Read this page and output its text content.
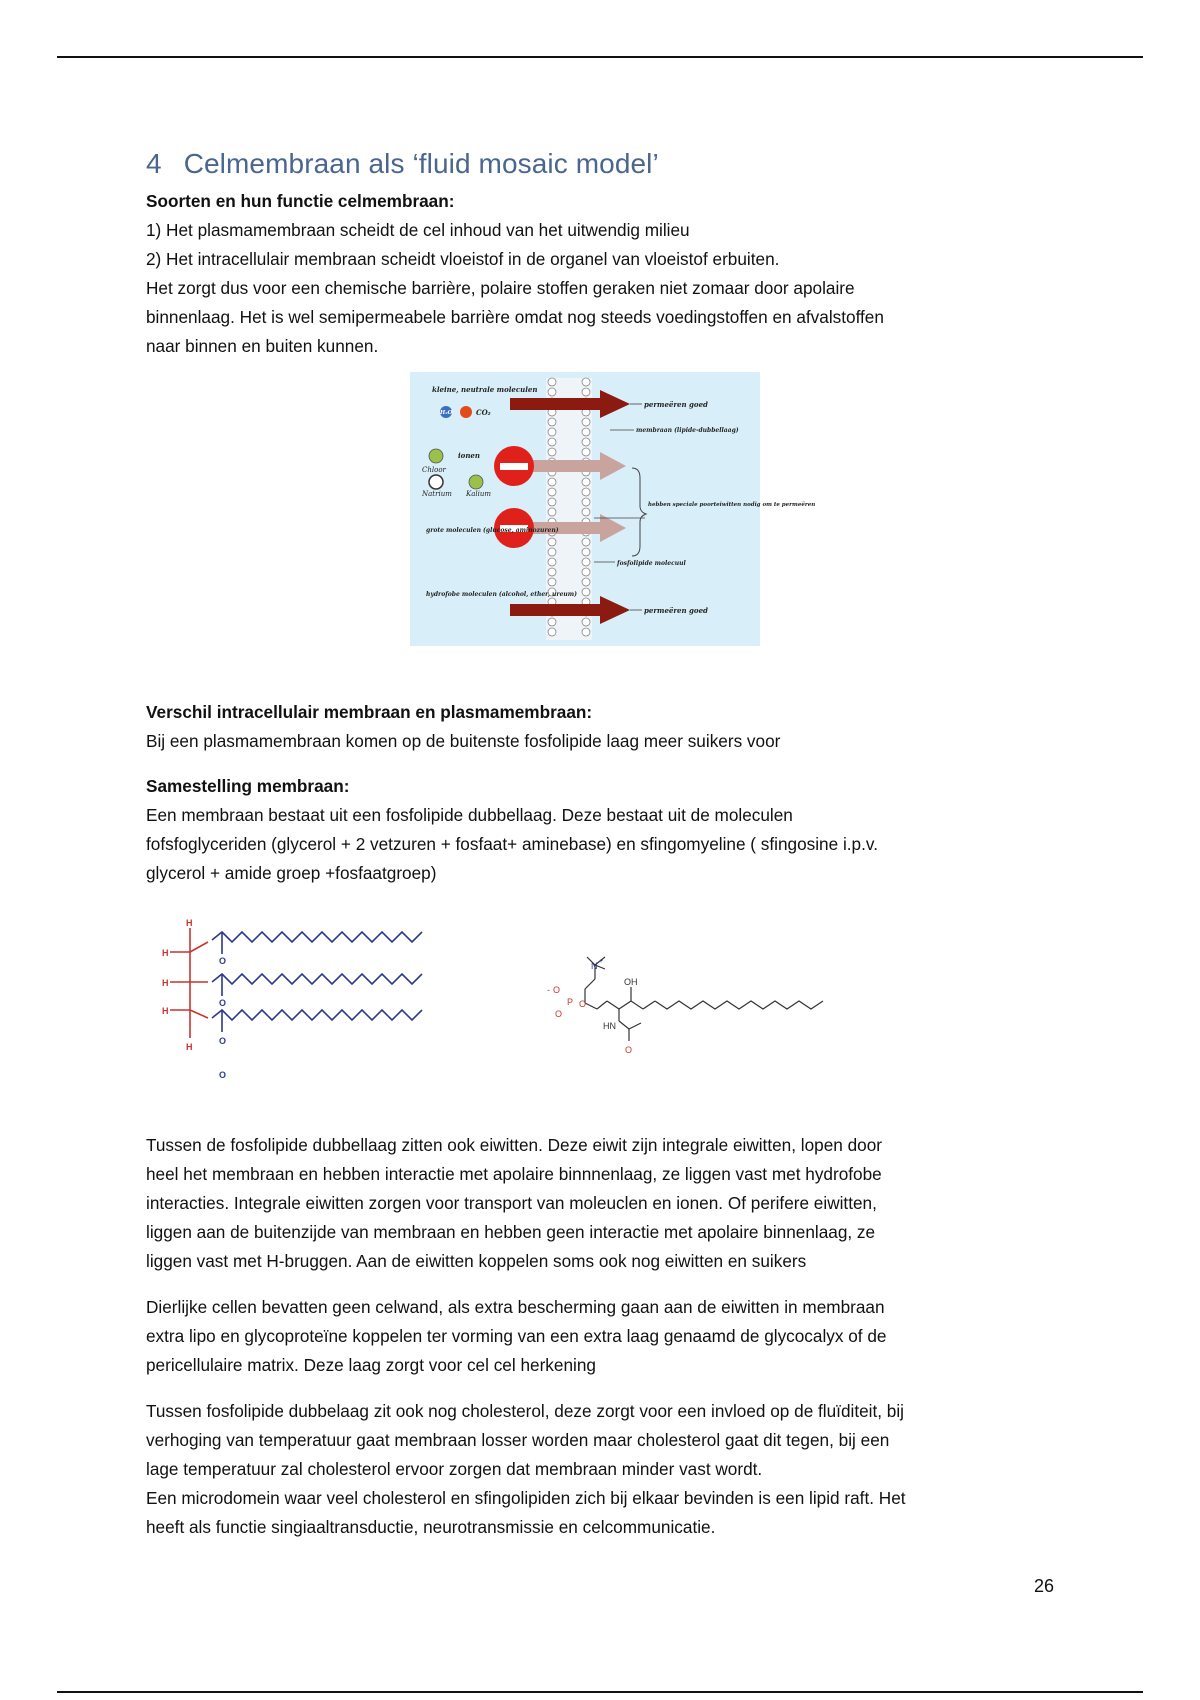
4 Celmembraan als ‘fluid mosaic model’

Soorten en hun functie celmembraan:

1) Het plasmamembraan scheidt de cel inhoud van het uitwendig milieu

2) Het intracellulair membraan scheidt vloeistof in de organel van vloeistof erbuiten.

Het zorgt dus voor een chemische barrière, polaire stoffen geraken niet zomaar door apolaire

binnenlaag. Het is wel semipermeabele barrière omdat nog steeds voedingstoffen en afvalstoffen

naar binnen en buiten kunnen.

kleine, neutrale moleculen
H₂O	CO₂
ionen
Chloor
Natrium Kalium
grote moleculen (glucose, aminozuren)
hydrofobe moleculen (alcohol, ether, ureum)
permeëren goed
membraan (lipide-dubbellaag)
hebben speciale poorteiwitten nodig om te permeëren
fosfolipide molecuul
permeëren goed

Verschil intracellulair membraan en plasmamembraan:

Bij een plasmamembraan komen op de buitenste fosfolipide laag meer suikers voor

Samestelling membraan:

Een membraan bestaat uit een fosfolipide dubbellaag. Deze bestaat uit de moleculen

fofsfoglyceriden (glycerol + 2 vetzuren + fosfaat+ aminebase) en sfingomyeline ( sfingosine i.p.v.

glycerol + amide groep +fosfaatgroep)

H
H
H
H
H
O
O
O
O
OH
HN
N +
O
-
P
O
O
O

Tussen de fosfolipide dubbellaag zitten ook eiwitten. Deze eiwit zijn integrale eiwitten, lopen door

heel het membraan en hebben interactie met apolaire binnnenlaag, ze liggen vast met hydrofobe

interacties. Integrale eiwitten zorgen voor transport van moleuclen en ionen. Of perifere eiwitten,

liggen aan de buitenzijde van membraan en hebben geen interactie met apolaire binnenlaag, ze

liggen vast met H-bruggen. Aan de eiwitten koppelen soms ook nog eiwitten en suikers

Dierlijke cellen bevatten geen celwand, als extra bescherming gaan aan de eiwitten in membraan

extra lipo en glycoproteïne koppelen ter vorming van een extra laag genaamd de glycocalyx of de

pericellulaire matrix. Deze laag zorgt voor cel cel herkening

Tussen fosfolipide dubbelaag zit ook nog cholesterol, deze zorgt voor een invloed op de fluïditeit, bij

verhoging van temperatuur gaat membraan losser worden maar cholesterol gaat dit tegen, bij een

lage temperatuur zal cholesterol ervoor zorgen dat membraan minder vast wordt.

Een microdomein waar veel cholesterol en sfingolipiden zich bij elkaar bevinden is een lipid raft. Het

heeft als functie singiaaltransductie, neurotransmissie en celcommunicatie.

26
